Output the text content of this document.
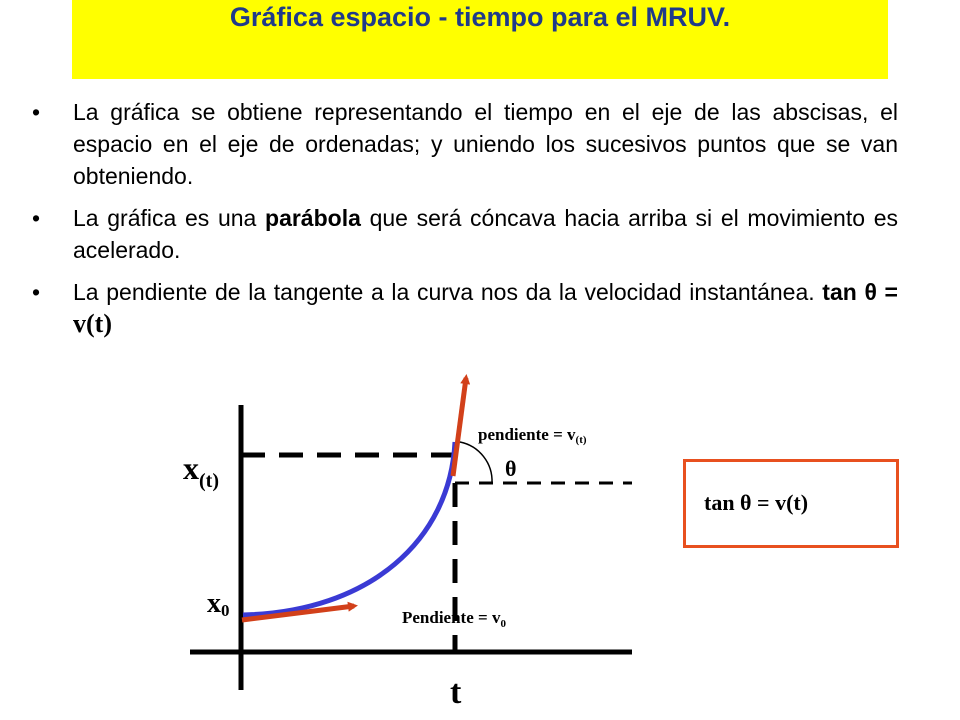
Gráfica espacio - tiempo para el MRUV.
• La gráfica se obtiene representando el tiempo en el eje de las abscisas, el espacio en el eje de ordenadas; y uniendo los sucesivos puntos que se van obteniendo.
• La gráfica es una parábola que será cóncava hacia arriba si el movimiento es acelerado.
• La pendiente de la tangente a la curva nos da la velocidad instantánea. tan θ = v(t)
θ
$x_{(t)}$
x0
t
pendiente = v(t)
Pendiente = $v_0$
tan θ = v(t)
